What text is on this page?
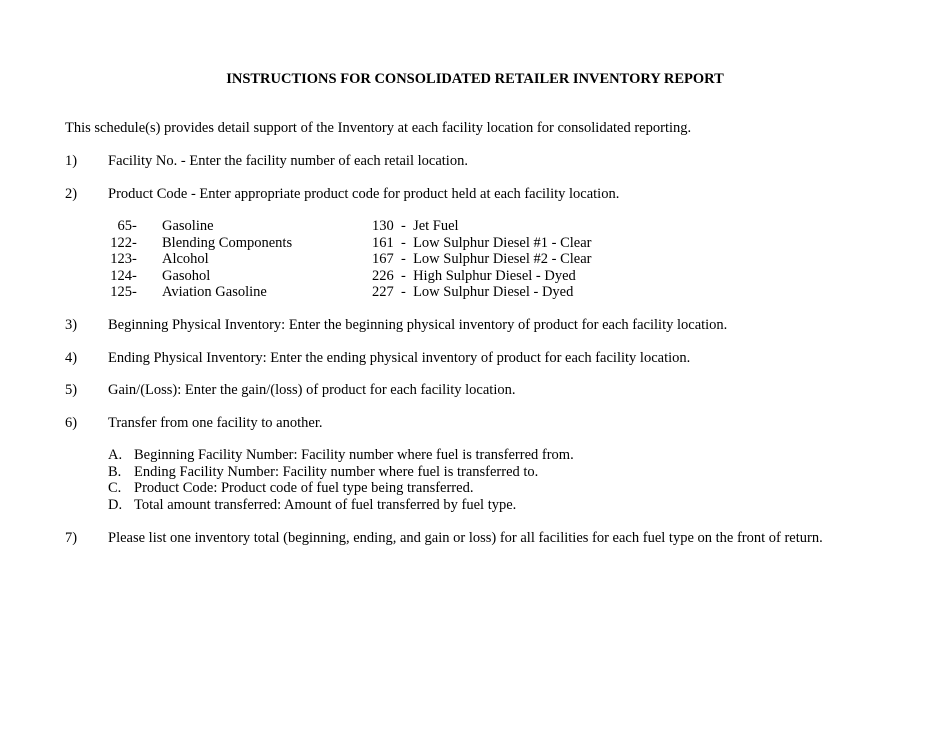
INSTRUCTIONS FOR CONSOLIDATED RETAILER INVENTORY REPORT
This schedule(s) provides detail support of the Inventory at each facility location for consolidated reporting.
1) Facility No. - Enter the facility number of each retail location.
2) Product Code - Enter appropriate product code for product held at each facility location.
65 - Gasoline	130  -  Jet Fuel
122 - Blending Components	161  -  Low Sulphur Diesel #1 - Clear
123 - Alcohol	167  -  Low Sulphur Diesel #2 - Clear
124 - Gasohol	226  -  High Sulphur Diesel - Dyed
125 - Aviation Gasoline	227  -  Low Sulphur Diesel - Dyed
3) Beginning Physical Inventory: Enter the beginning physical inventory of product for each facility location.
4) Ending Physical Inventory: Enter the ending physical inventory of product for each facility location.
5) Gain/(Loss): Enter the gain/(loss) of product for each facility location.
6) Transfer from one facility to another.
A. Beginning Facility Number: Facility number where fuel is transferred from.
B. Ending Facility Number: Facility number where fuel is transferred to.
C. Product Code: Product code of fuel type being transferred.
D. Total amount transferred: Amount of fuel transferred by fuel type.
7) Please list one inventory total (beginning, ending, and gain or loss) for all facilities for each fuel type on the front of return.
